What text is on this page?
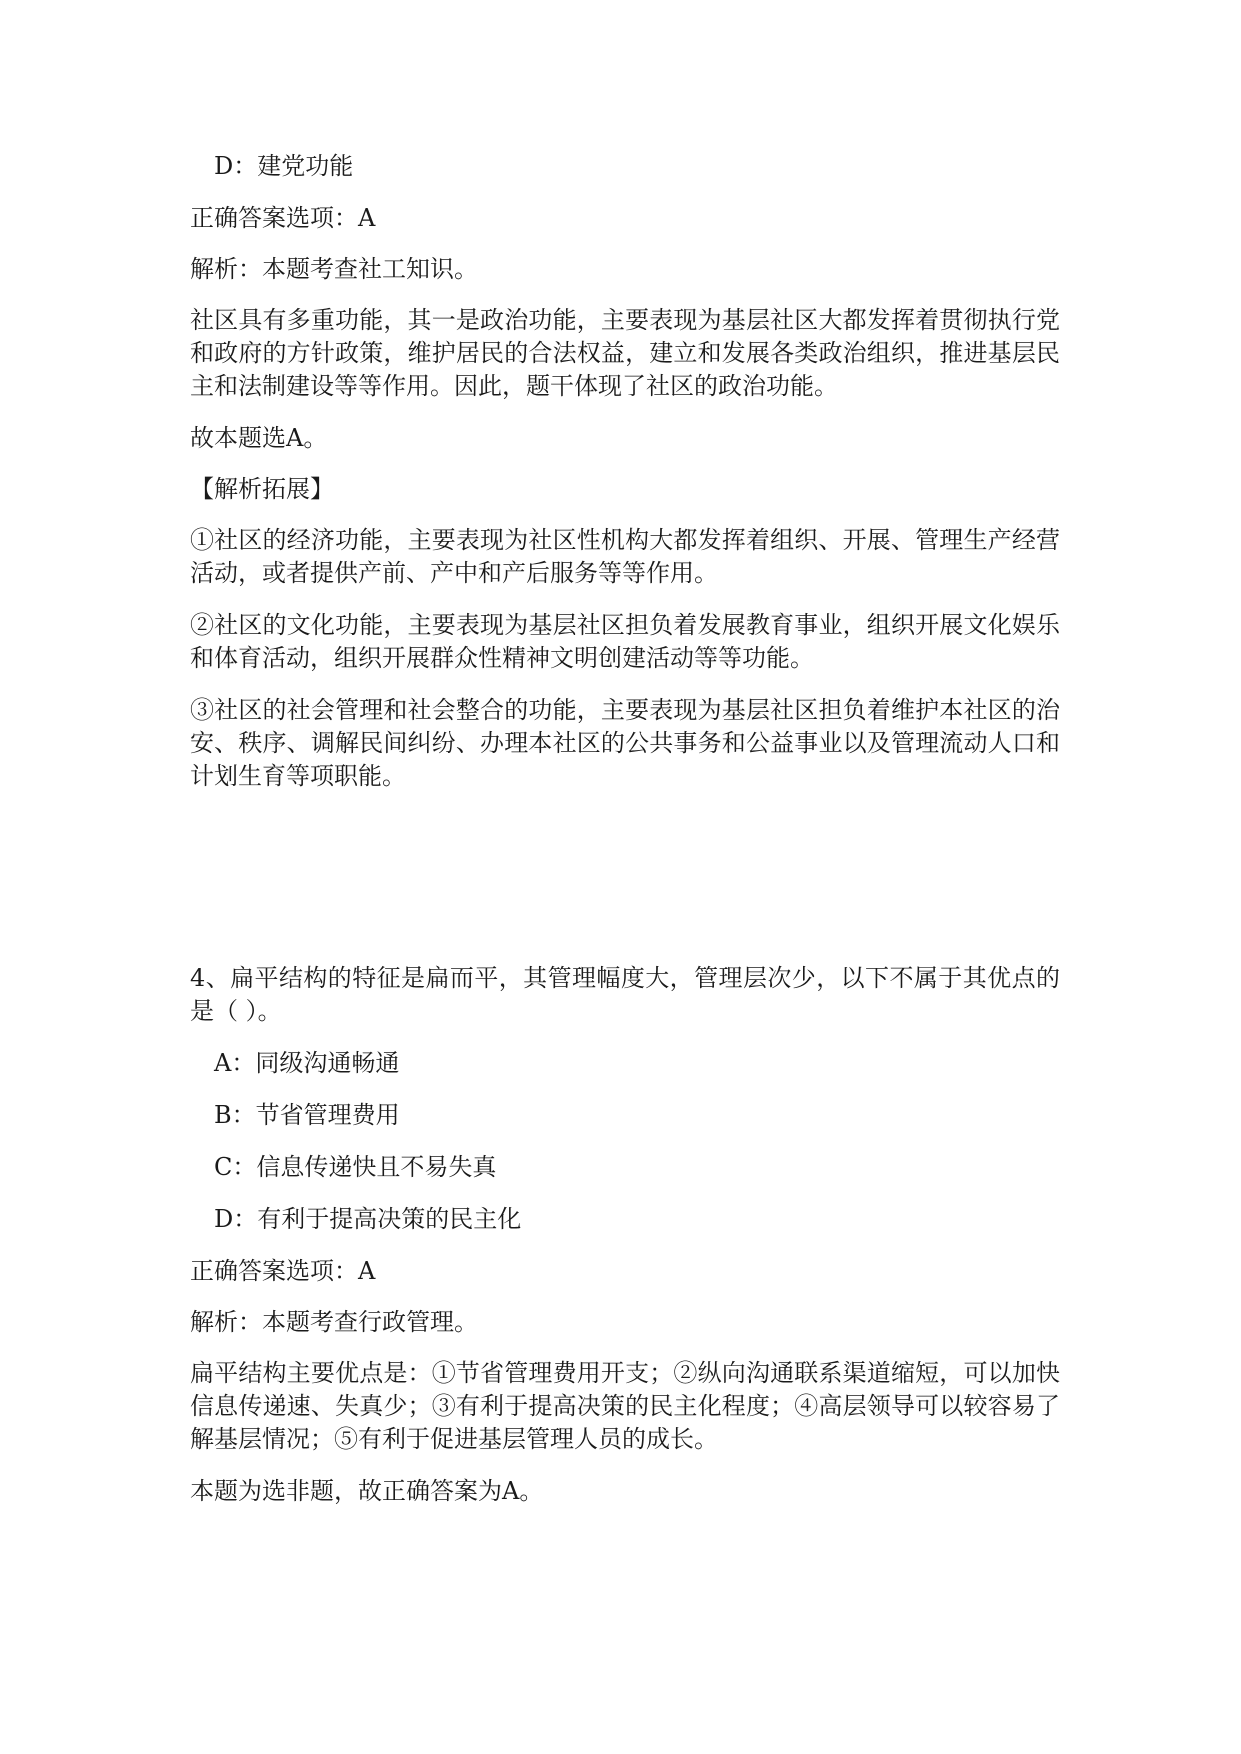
D：建党功能
正确答案选项：A
解析：本题考查社工知识。
社区具有多重功能，其一是政治功能，主要表现为基层社区大都发挥着贯彻执行党和政府的方针政策，维护居民的合法权益，建立和发展各类政治组织，推进基层民主和法制建设等等作用。因此，题干体现了社区的政治功能。
故本题选A。
【解析拓展】
①社区的经济功能，主要表现为社区性机构大都发挥着组织、开展、管理生产经营活动，或者提供产前、产中和产后服务等等作用。
②社区的文化功能，主要表现为基层社区担负着发展教育事业，组织开展文化娱乐和体育活动，组织开展群众性精神文明创建活动等等功能。
③社区的社会管理和社会整合的功能，主要表现为基层社区担负着维护本社区的治安、秩序、调解民间纠纷、办理本社区的公共事务和公益事业以及管理流动人口和计划生育等项职能。
4、扁平结构的特征是扁而平，其管理幅度大，管理层次少，以下不属于其优点的是（ ）。
A：同级沟通畅通
B：节省管理费用
C：信息传递快且不易失真
D：有利于提高决策的民主化
正确答案选项：A
解析：本题考查行政管理。
扁平结构主要优点是：①节省管理费用开支；②纵向沟通联系渠道缩短，可以加快信息传递速、失真少；③有利于提高决策的民主化程度；④高层领导可以较容易了解基层情况；⑤有利于促进基层管理人员的成长。
本题为选非题，故正确答案为A。
